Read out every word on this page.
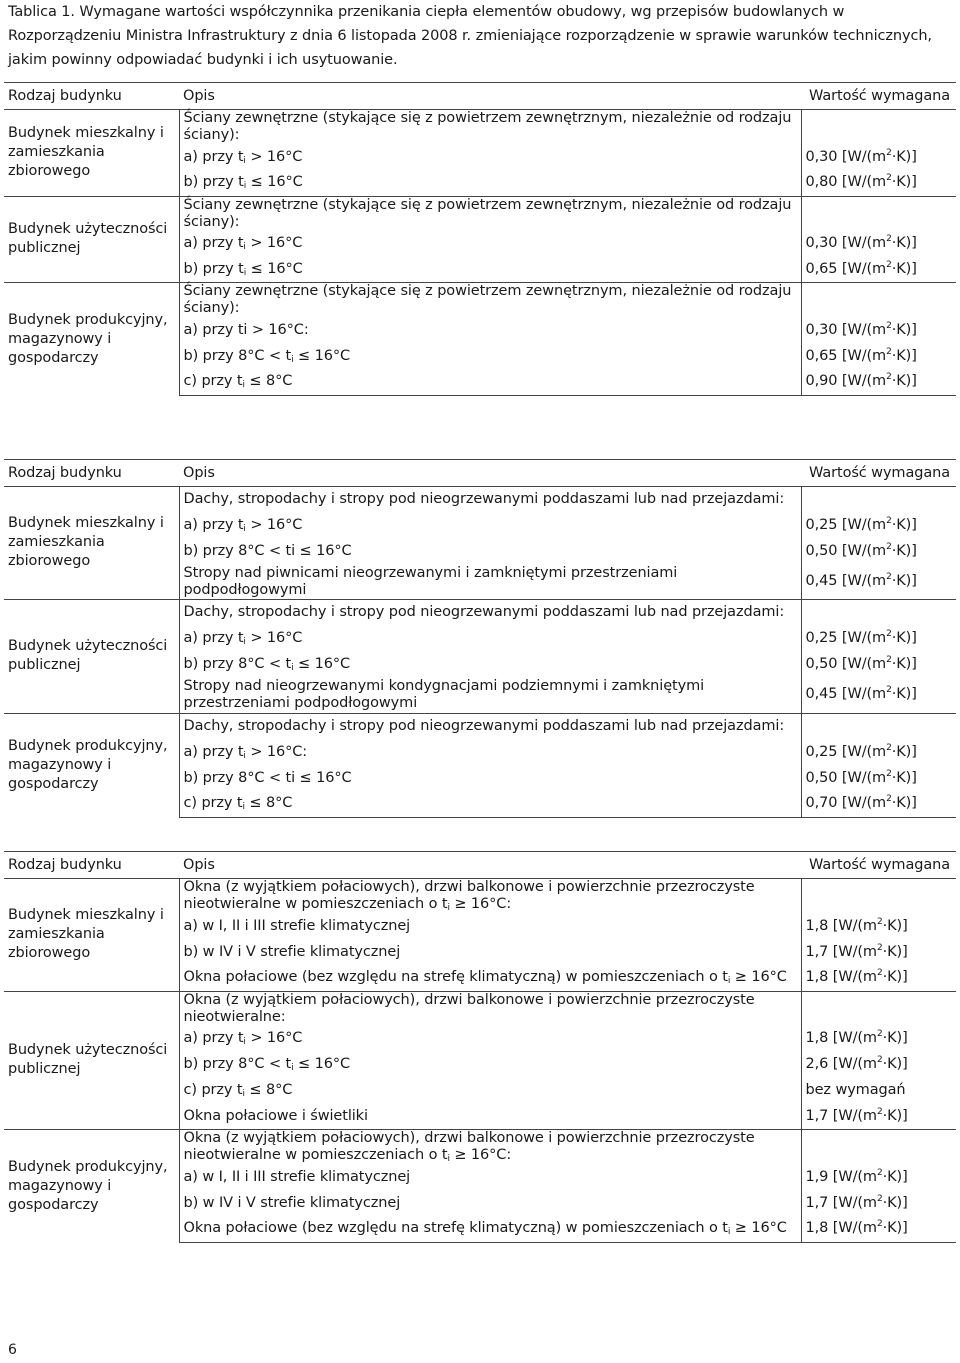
Tablica 1. Wymagane wartości współczynnika przenikania ciepła elementów obudowy, wg przepisów budowlanych w Rozporządzeniu Ministra Infrastruktury z dnia 6 listopada 2008 r. zmieniające rozporządzenie w sprawie warunków technicznych, jakim powinny odpowiadać budynki i ich usytuowanie.
Rodzaj budynku	Opis	Wartość wymagana
Budynek mieszkalny i zamieszkania zbiorowego	Ściany zewnętrzne (stykające się z powietrzem zewnętrznym, niezależnie od rodzaju ściany):	
	a) przy $t_i > 16^\circ C$	0,30 $[W/(m^2\cdot K)]$
	b) przy $t_i \le 16^\circ C$	0,80 $[W/(m^2\cdot K)]$
Budynek użyteczności publicznej	Ściany zewnętrzne (stykające się z powietrzem zewnętrznym, niezależnie od rodzaju ściany):	
	a) przy $t_i > 16^\circ C$	0,30 $[W/(m^2\cdot K)]$
	b) przy $t_i \le 16^\circ C$	0,65 $[W/(m^2\cdot K)]$
Budynek produkcyjny, magazynowy i gospodarczy	Ściany zewnętrzne (stykające się z powietrzem zewnętrznym, niezależnie od rodzaju ściany):	
	a) przy ti > 16°C:	0,30 $[W/(m^2\cdot K)]$
	b) przy $8^\circ C < t_i \le 16^\circ C$	0,65 $[W/(m^2\cdot K)]$
	c) przy $t_i \le 8^\circ C$	0,90 $[W/(m^2\cdot K)]$
Rodzaj budynku	Opis	Wartość wymagana
Budynek mieszkalny i zamieszkania zbiorowego	Dachy, stropodachy i stropy pod nieogrzewanymi poddaszami lub nad przejazdami:	
	a) przy $t_i > 16^\circ C$	0,25 $[W/(m^2\cdot K)]$
	b) przy 8°C < ti ≤ 16°C	0,50 $[W/(m^2\cdot K)]$
	Stropy nad piwnicami nieogrzewanymi i zamkniętymi przestrzeniami podpodłogowymi	0,45 $[W/(m^2\cdot K)]$
Budynek użyteczności publicznej	Dachy, stropodachy i stropy pod nieogrzewanymi poddaszami lub nad przejazdami:	
	a) przy $t_i > 16^\circ C$	0,25 $[W/(m^2\cdot K)]$
	b) przy $8^\circ C < t_i \le 16^\circ C$	0,50 $[W/(m^2\cdot K)]$
	Stropy nad nieogrzewanymi kondygnacjami podziemnymi i zamkniętymi przestrzeniami podpodłogowymi	0,45 $[W/(m^2\cdot K)]$
Budynek produkcyjny, magazynowy i gospodarczy	Dachy, stropodachy i stropy pod nieogrzewanymi poddaszami lub nad przejazdami:	
	a) przy $t_i > 16^\circ C$:	0,25 $[W/(m^2\cdot K)]$
	b) przy 8°C < ti ≤ 16°C	0,50 $[W/(m^2\cdot K)]$
	c) przy $t_i \le 8^\circ C$	0,70 $[W/(m^2\cdot K)]$
Rodzaj budynku	Opis	Wartość wymagana
Budynek mieszkalny i zamieszkania zbiorowego	Okna (z wyjątkiem połaciowych), drzwi balkonowe i powierzchnie przezroczyste nieotwieralne w pomieszczeniach o $t_i \ge 16^\circ C$:	
	a) w I, II i III strefie klimatycznej	1,8 $[W/(m^2\cdot K)]$
	b) w IV i V strefie klimatycznej	1,7 $[W/(m^2\cdot K)]$
	Okna połaciowe (bez względu na strefę klimatyczną) w pomieszczeniach o $t_i \ge 16^\circ C$	1,8 $[W/(m^2\cdot K)]$
Budynek użyteczności publicznej	Okna (z wyjątkiem połaciowych), drzwi balkonowe i powierzchnie przezroczyste nieotwieralne:	
	a) przy $t_i > 16^\circ C$	1,8 $[W/(m^2\cdot K)]$
	b) przy $8^\circ C < t_i \le 16^\circ C$	2,6 $[W/(m^2\cdot K)]$
	c) przy $t_i \le 8^\circ C$	bez wymagań
	Okna połaciowe i świetliki	1,7 $[W/(m^2\cdot K)]$
Budynek produkcyjny, magazynowy i gospodarczy	Okna (z wyjątkiem połaciowych), drzwi balkonowe i powierzchnie przezroczyste nieotwieralne w pomieszczeniach o $t_i \ge 16^\circ C$:	
	a) w I, II i III strefie klimatycznej	1,9 $[W/(m^2\cdot K)]$
	b) w IV i V strefie klimatycznej	1,7 $[W/(m^2\cdot K)]$
	Okna połaciowe (bez względu na strefę klimatyczną) w pomieszczeniach o $t_i \ge 16^\circ C$	1,8 $[W/(m^2\cdot K)]$
6
